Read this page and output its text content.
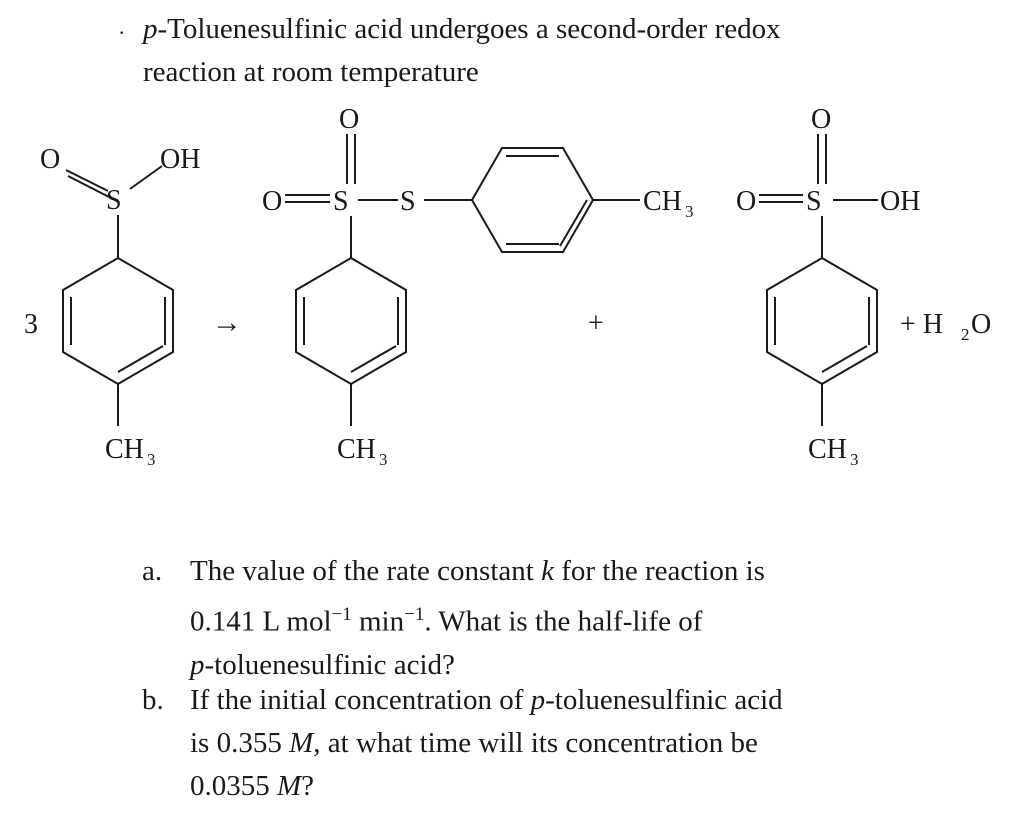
· p-Toluenesulfinic acid undergoes a second-order redox
reaction at room temperature
3
O
S
OH
CH 3
→
O
O S S	CH 3
CH 3
+
O
O S OH
CH 3
+ H 2 O
a. The value of the rate constant k for the reaction is
0.141 L mol$^{-1}$ $\min^{-1}$. What is the half-life of
p-toluenesulfinic acid?
b. If the initial concentration of p-toluenesulfinic acid
is 0.355 M, at what time will its concentration be
0.0355 M?
